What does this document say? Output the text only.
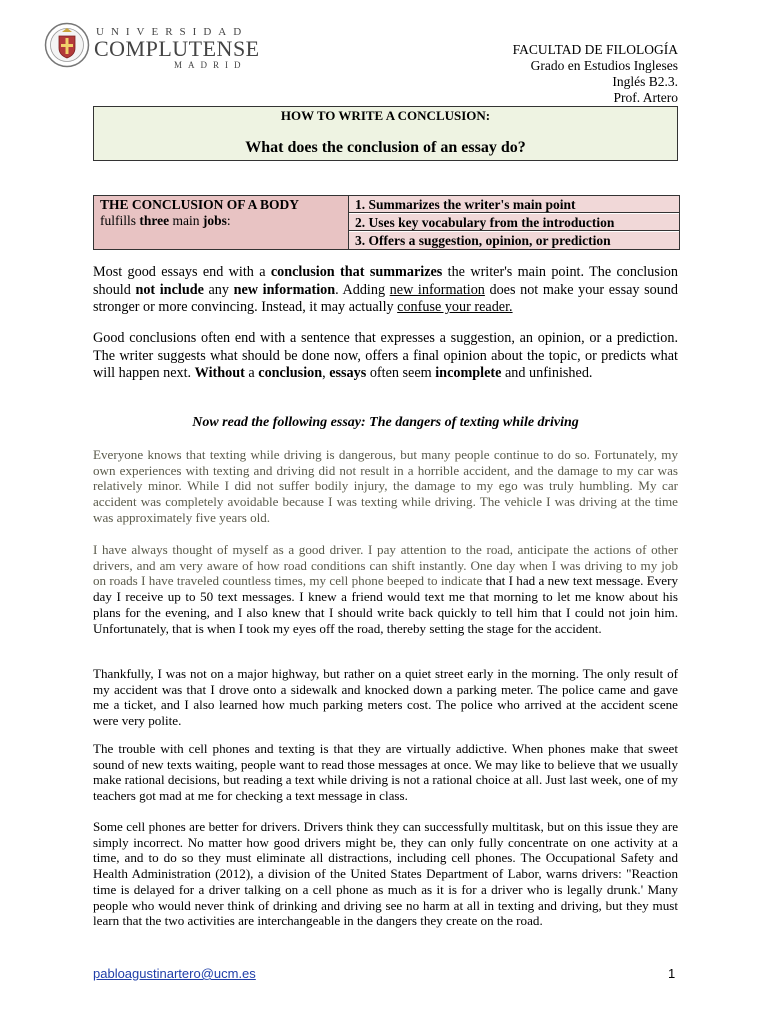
UNIVERSIDAD
COMPLUTENSE
MADRID
FACULTAD DE FILOLOGÍA
Grado en Estudios Ingleses
Inglés B2.3.
Prof. Artero
HOW TO WRITE A CONCLUSION:
What does the conclusion of an essay do?
THE CONCLUSION OF A BODY
fulfills three main jobs:
1. Summarizes the writer's main point
2. Uses key vocabulary from the introduction
3. Offers a suggestion, opinion, or prediction
Most good essays end with a conclusion that summarizes the writer's main point. The conclusion should not include any new information. Adding new information does not make your essay sound stronger or more convincing. Instead, it may actually confuse your reader.
Good conclusions often end with a sentence that expresses a suggestion, an opinion, or a prediction. The writer suggests what should be done now, offers a final opinion about the topic, or predicts what will happen next. Without a conclusion, essays often seem incomplete and unfinished.
Now read the following essay: The dangers of texting while driving
Everyone knows that texting while driving is dangerous, but many people continue to do so. Fortunately, my own experiences with texting and driving did not result in a horrible accident, and the damage to my car was relatively minor. While I did not suffer bodily injury, the damage to my ego was truly humbling. My car accident was completely avoidable because I was texting while driving. The vehicle I was driving at the time was approximately five years old.
I have always thought of myself as a good driver. I pay attention to the road, anticipate the actions of other drivers, and am very aware of how road conditions can shift instantly. One day when I was driving to my job on roads I have traveled countless times, my cell phone beeped to indicate that I had a new text message. Every day I receive up to 50 text messages. I knew a friend would text me that morning to let me know about his plans for the evening, and I also knew that I should write back quickly to tell him that I could not join him. Unfortunately, that is when I took my eyes off the road, thereby setting the stage for the accident.
Thankfully, I was not on a major highway, but rather on a quiet street early in the morning. The only result of my accident was that I drove onto a sidewalk and knocked down a parking meter. The police came and gave me a ticket, and I also learned how much parking meters cost. The police who arrived at the accident scene were very polite.
The trouble with cell phones and texting is that they are virtually addictive. When phones make that sweet sound of new texts waiting, people want to read those messages at once. We may like to believe that we usually make rational decisions, but reading a text while driving is not a rational choice at all. Just last week, one of my teachers got mad at me for checking a text message in class.
Some cell phones are better for drivers. Drivers think they can successfully multitask, but on this issue they are simply incorrect. No matter how good drivers might be, they can only fully concentrate on one activity at a time, and to do so they must eliminate all distractions, including cell phones. The Occupational Safety and Health Administration (2012), a division of the United States Department of Labor, warns drivers: "Reaction time is delayed for a driver talking on a cell phone as much as it is for a driver who is legally drunk.' Many people who would never think of drinking and driving see no harm at all in texting and driving, but they must learn that the two activities are interchangeable in the dangers they create on the road.
pabloagustinartero@ucm.es	1
